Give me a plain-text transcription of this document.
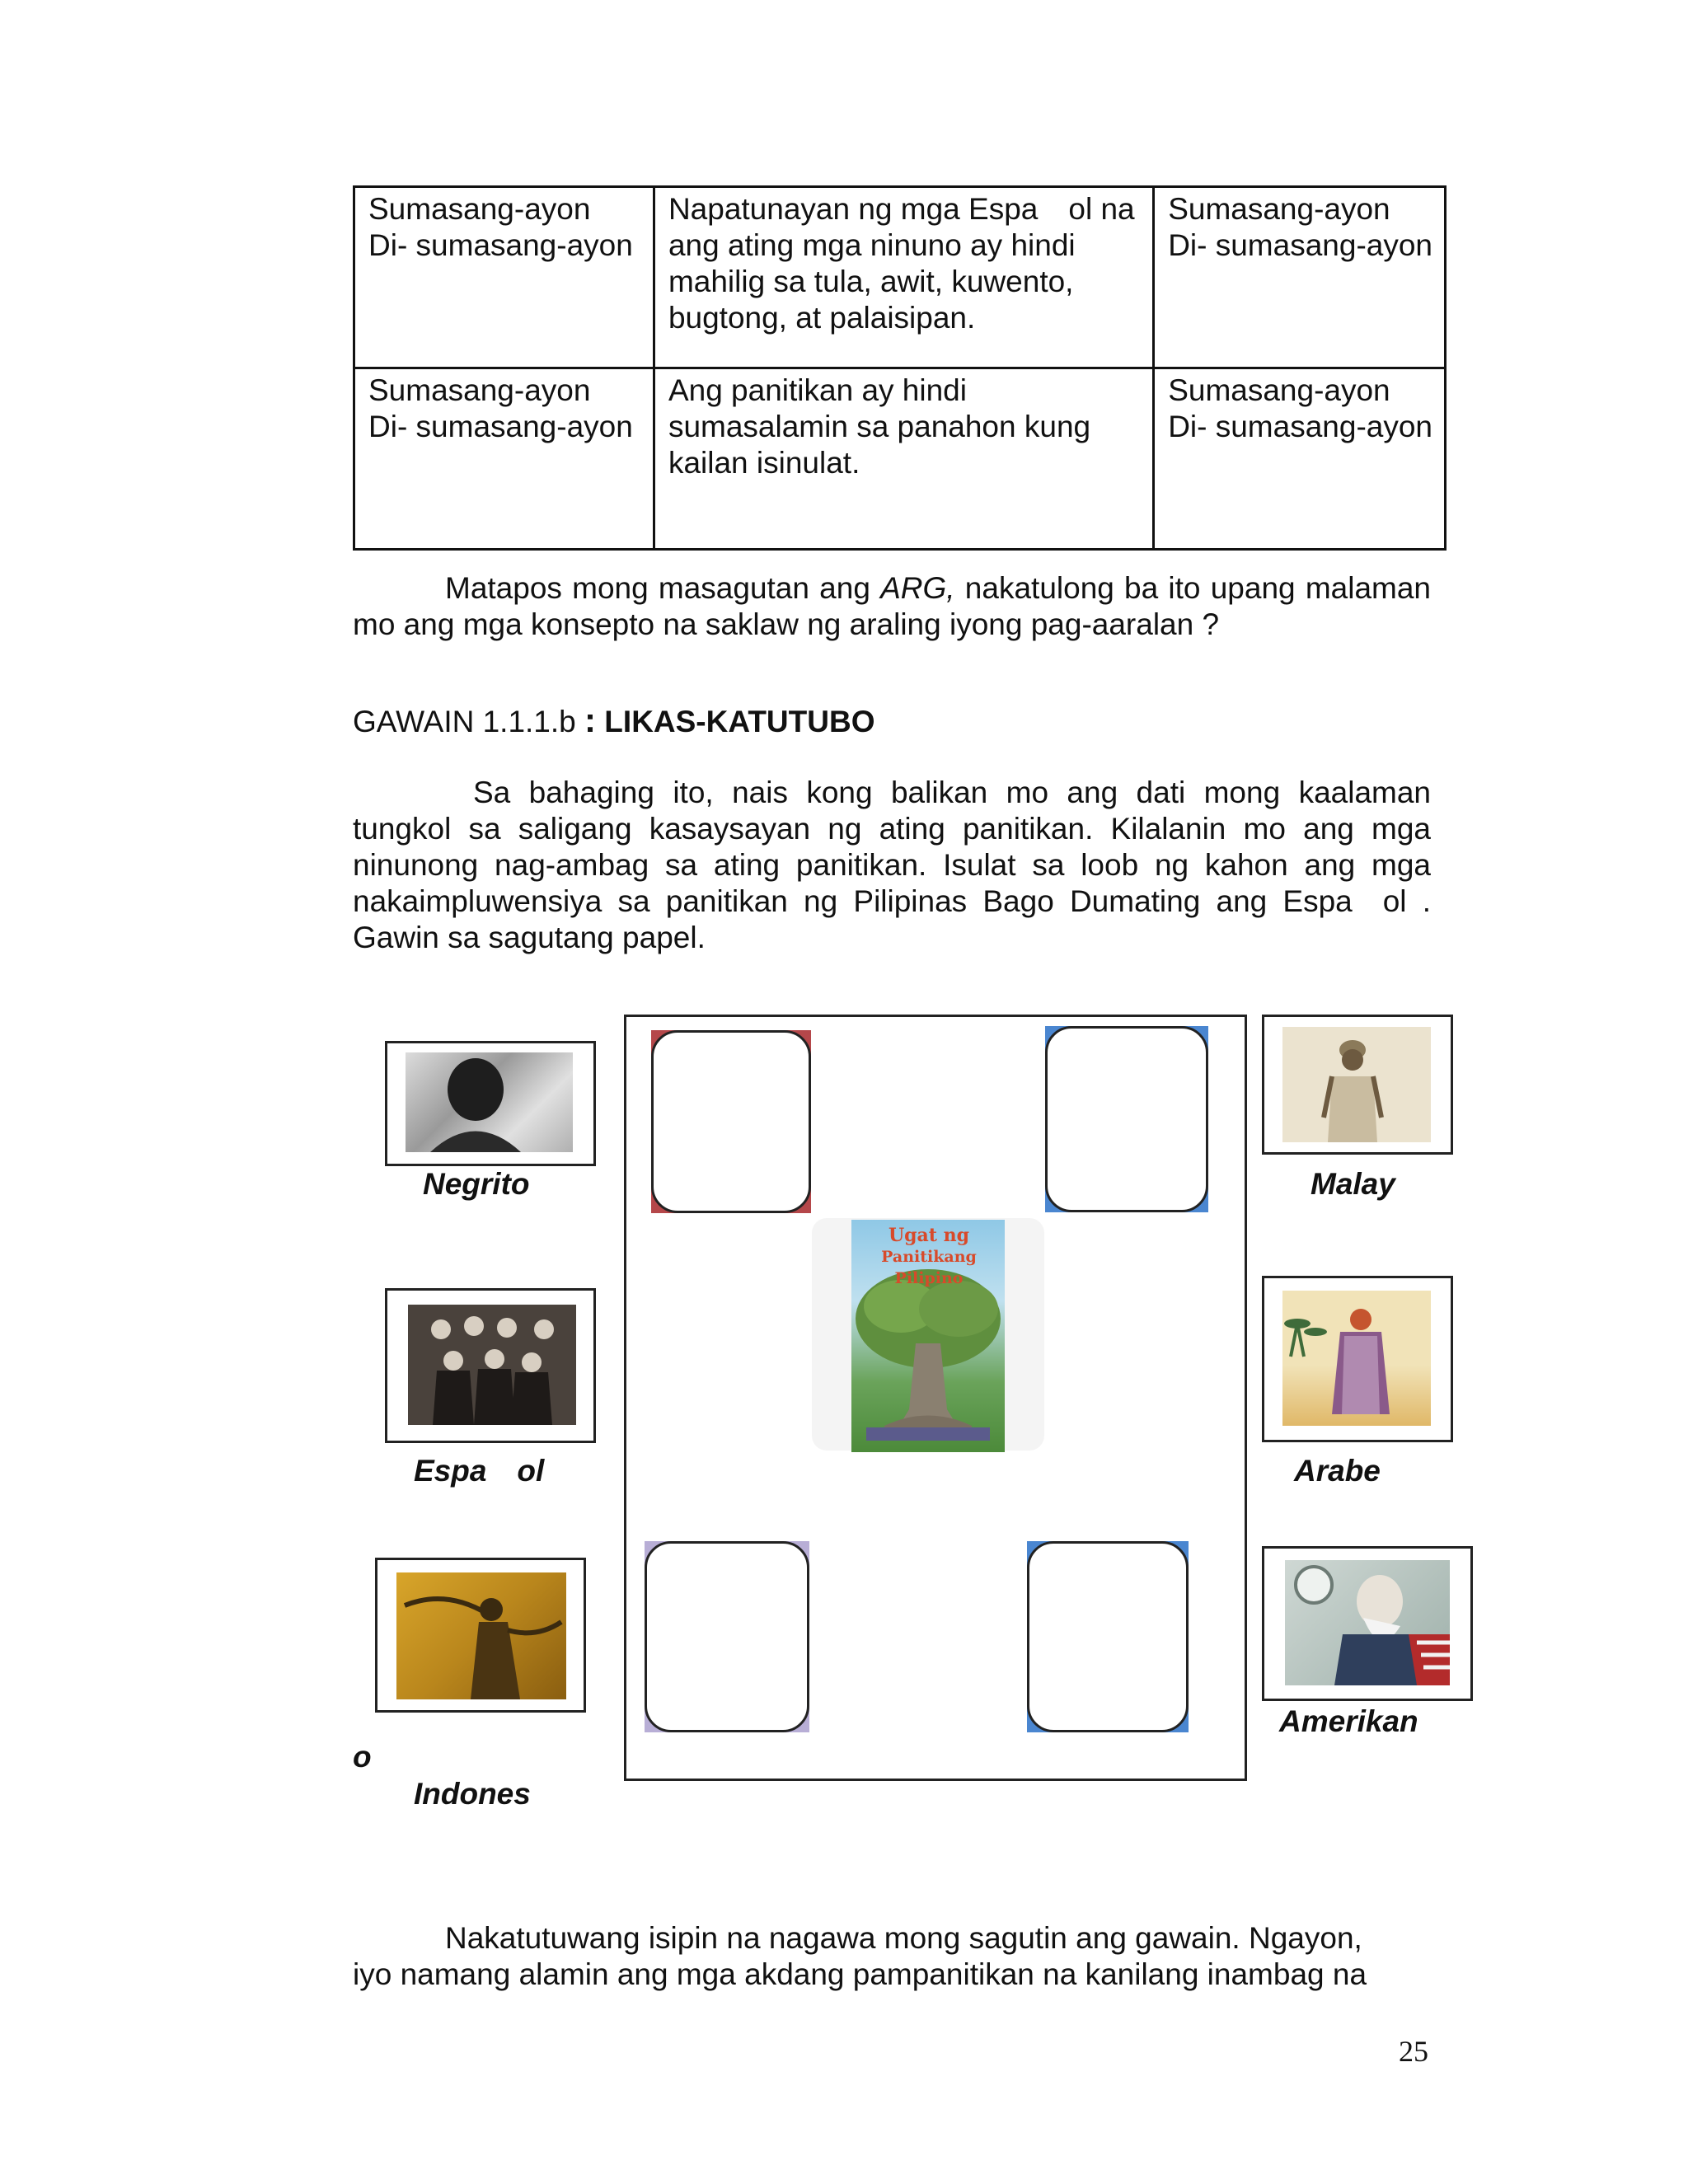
Sumasang-ayon
Di- sumasang-ayon	Napatunayan ng mga Espa ol na
ang ating mga ninuno ay hindi
mahilig sa tula, awit, kuwento,
bugtong, at palaisipan.	Sumasang-ayon
Di- sumasang-ayon

Sumasang-ayon
Di- sumasang-ayon	Ang panitikan ay hindi
sumasalamin sa panahon kung
kailan isinulat.	Sumasang-ayon
Di- sumasang-ayon
Matapos mong masagutan ang ARG, nakatulong ba ito upang malaman mo ang mga konsepto na saklaw ng araling iyong pag-aaralan ?
GAWAIN 1.1.1.b : LIKAS-KATUTUBO
Sa bahaging ito, nais kong balikan mo ang dati mong kaalaman tungkol sa saligang kasaysayan ng ating panitikan. Kilalanin mo ang mga ninunong nag-ambag sa ating panitikan. Isulat sa loob ng kahon ang mga nakaimpluwensiya sa panitikan ng Pilipinas Bago Dumating ang Espa ol . Gawin sa sagutang papel.
Ugat ng
Panitikang Pilipino
Negrito
Espa ol
o
Indones
Malay
Arabe
Amerikan
Nakatutuwang isipin na nagawa mong sagutin ang gawain. Ngayon,
iyo namang alamin ang mga akdang pampanitikan na kanilang inambag na
25
